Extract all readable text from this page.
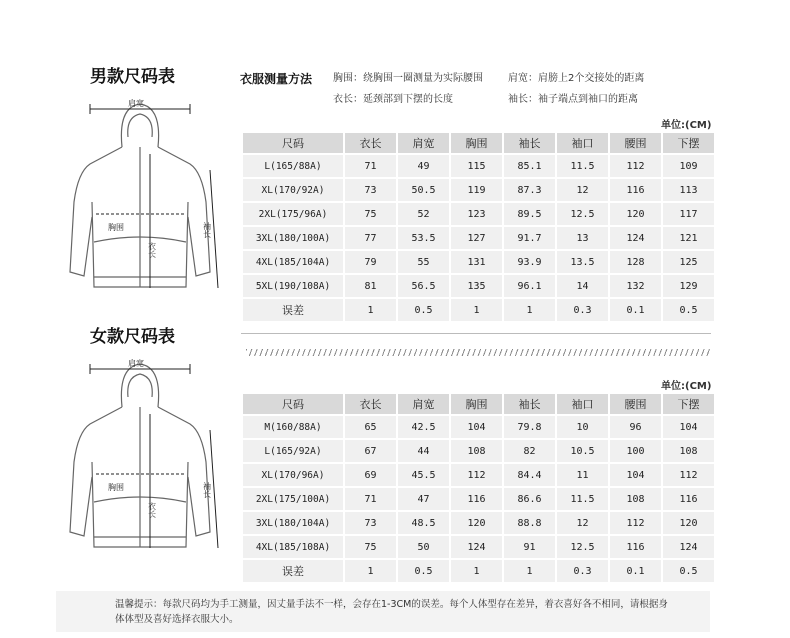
男款尺码表	衣服测量方法 胸围：绕胸围一圈测量为实际腰围	肩宽：肩膀上2个交接处的距离
衣长：延颈部到下摆的长度	袖长：袖子端点到袖口的距离
单位:(CM)
肩宽
胸围
衣长
袖长
尺码	衣长	肩宽	胸围	袖长	袖口	腰围	下摆
L(165/88A)	71	49	115	85.1	11.5	112	109
XL(170/92A)	73	50.5	119	87.3	12	116	113
2XL(175/96A)	75	52	123	89.5	12.5	120	117
3XL(180/100A)	77	53.5	127	91.7	13	124	121
4XL(185/104A)	79	55	131	93.9	13.5	128	125
5XL(190/108A)	81	56.5	135	96.1	14	132	129
误差	1	0.5	1	1	0.3	0.1	0.5
女款尺码表
单位:(CM)
肩宽
胸围
衣长
袖长
尺码	衣长	肩宽	胸围	袖长	袖口	腰围	下摆
M(160/88A)	65	42.5	104	79.8	10	96	104
L(165/92A)	67	44	108	82	10.5	100	108
XL(170/96A)	69	45.5	112	84.4	11	104	112
2XL(175/100A)	71	47	116	86.6	11.5	108	116
3XL(180/104A)	73	48.5	120	88.8	12	112	120
4XL(185/108A)	75	50	124	91	12.5	116	124
误差	1	0.5	1	1	0.3	0.1	0.5
温馨提示：每款尺码均为手工测量，因丈量手法不一样，会存在1-3CM的误差。每个人体型存在差异，着衣喜好各不相同，请根据身体体型及喜好选择衣服大小。
